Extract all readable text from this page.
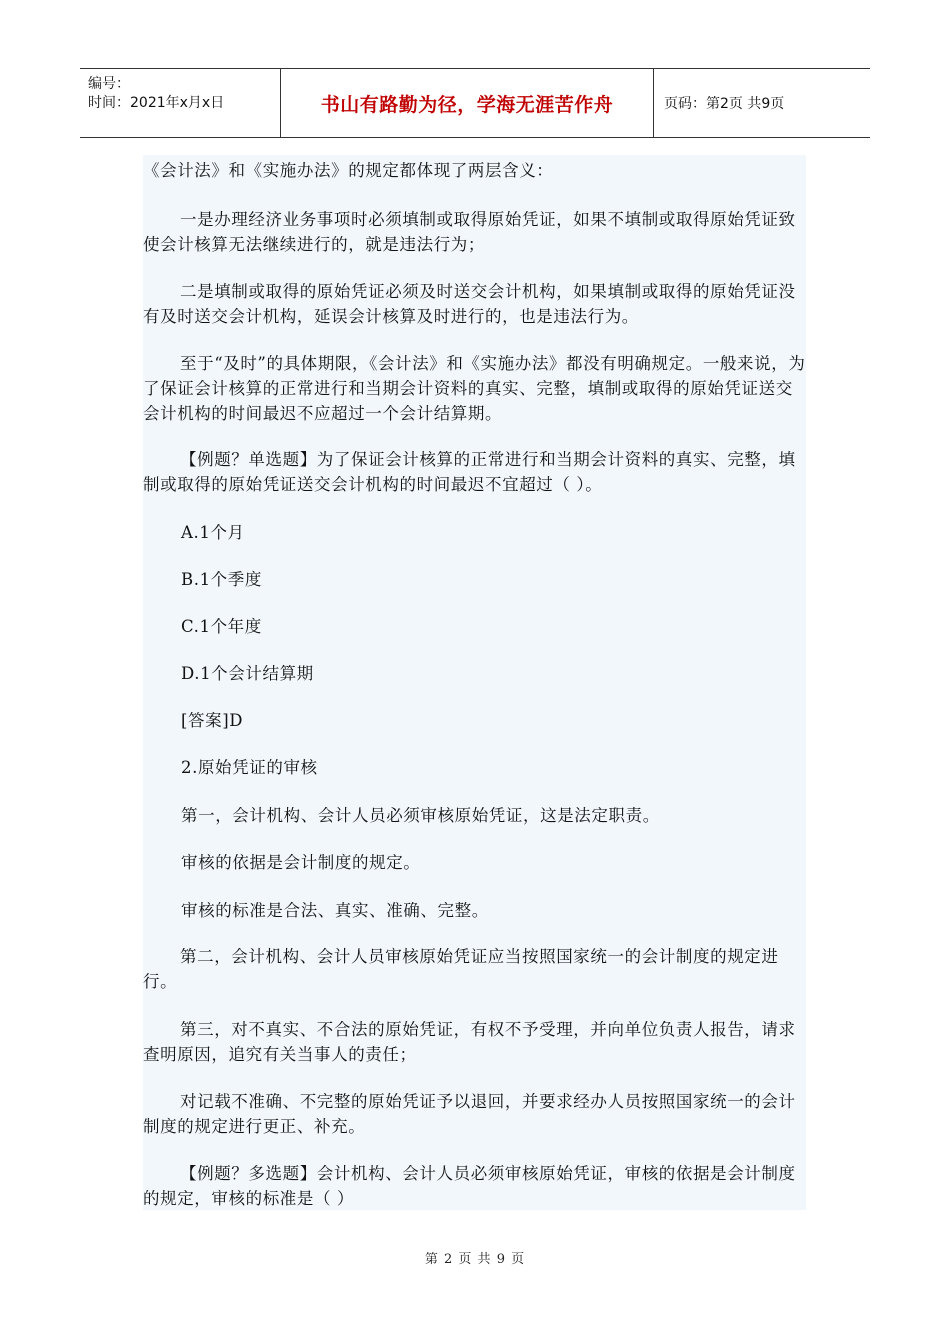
编号：
时间：2021年x月x日	书山有路勤为径，学海无涯苦作舟	页码：第2页 共9页

《会计法》和《实施办法》的规定都体现了两层含义：

一是办理经济业务事项时必须填制或取得原始凭证，如果不填制或取得原始凭证致使会计核算无法继续进行的，就是违法行为；

二是填制或取得的原始凭证必须及时送交会计机构，如果填制或取得的原始凭证没有及时送交会计机构，延误会计核算及时进行的，也是违法行为。

至于“及时”的具体期限，《会计法》和《实施办法》都没有明确规定。一般来说，为了保证会计核算的正常进行和当期会计资料的真实、完整，填制或取得的原始凭证送交会计机构的时间最迟不应超过一个会计结算期。

【例题？单选题】为了保证会计核算的正常进行和当期会计资料的真实、完整，填制或取得的原始凭证送交会计机构的时间最迟不宜超过（ ）。

A.1个月

B.1个季度

C.1个年度

D.1个会计结算期

[答案]D

2.原始凭证的审核

第一，会计机构、会计人员必须审核原始凭证，这是法定职责。

审核的依据是会计制度的规定。

审核的标准是合法、真实、准确、完整。

第二，会计机构、会计人员审核原始凭证应当按照国家统一的会计制度的规定进行。

第三，对不真实、不合法的原始凭证，有权不予受理，并向单位负责人报告，请求查明原因，追究有关当事人的责任；

对记载不准确、不完整的原始凭证予以退回，并要求经办人员按照国家统一的会计制度的规定进行更正、补充。

【例题？多选题】会计机构、会计人员必须审核原始凭证，审核的依据是会计制度的规定，审核的标准是（ ）

第 2 页 共 9 页
